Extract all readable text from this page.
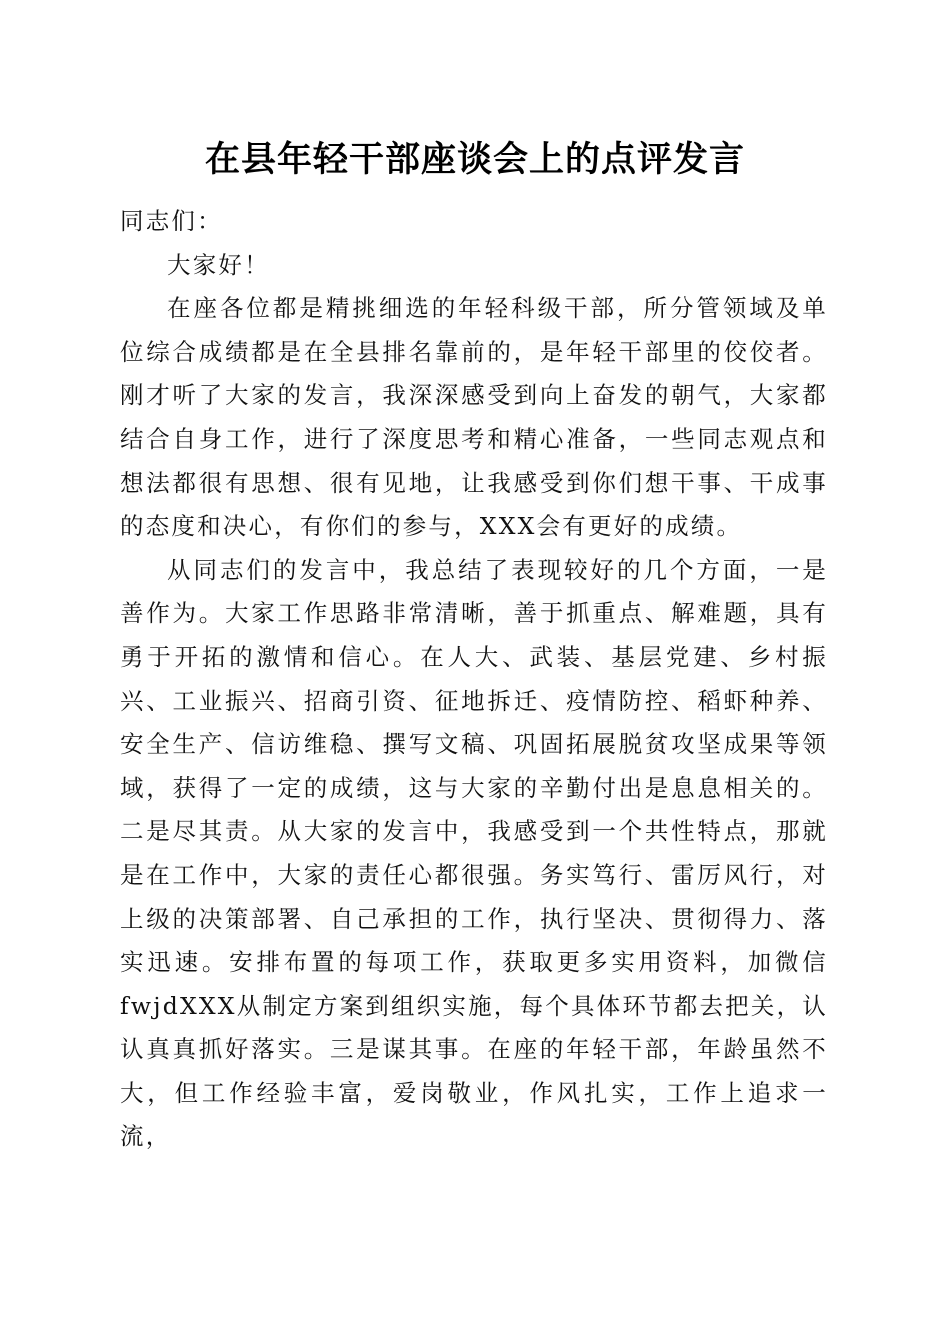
在县年轻干部座谈会上的点评发言

同志们：

大家好！

在座各位都是精挑细选的年轻科级干部，所分管领域及单位综合成绩都是在全县排名靠前的，是年轻干部里的佼佼者。刚才听了大家的发言，我深深感受到向上奋发的朝气，大家都结合自身工作，进行了深度思考和精心准备，一些同志观点和想法都很有思想、很有见地，让我感受到你们想干事、干成事的态度和决心，有你们的参与，XXX会有更好的成绩。

从同志们的发言中，我总结了表现较好的几个方面，一是善作为。大家工作思路非常清晰，善于抓重点、解难题，具有勇于开拓的激情和信心。在人大、武装、基层党建、乡村振兴、工业振兴、招商引资、征地拆迁、疫情防控、稻虾种养、安全生产、信访维稳、撰写文稿、巩固拓展脱贫攻坚成果等领域，获得了一定的成绩，这与大家的辛勤付出是息息相关的。二是尽其责。从大家的发言中，我感受到一个共性特点，那就是在工作中，大家的责任心都很强。务实笃行、雷厉风行，对上级的决策部署、自己承担的工作，执行坚决、贯彻得力、落实迅速。安排布置的每项工作，获取更多实用资料，加微信fwjdXXX从制定方案到组织实施，每个具体环节都去把关，认认真真抓好落实。三是谋其事。在座的年轻干部，年龄虽然不大，但工作经验丰富，爱岗敬业，作风扎实，工作上追求一流，
